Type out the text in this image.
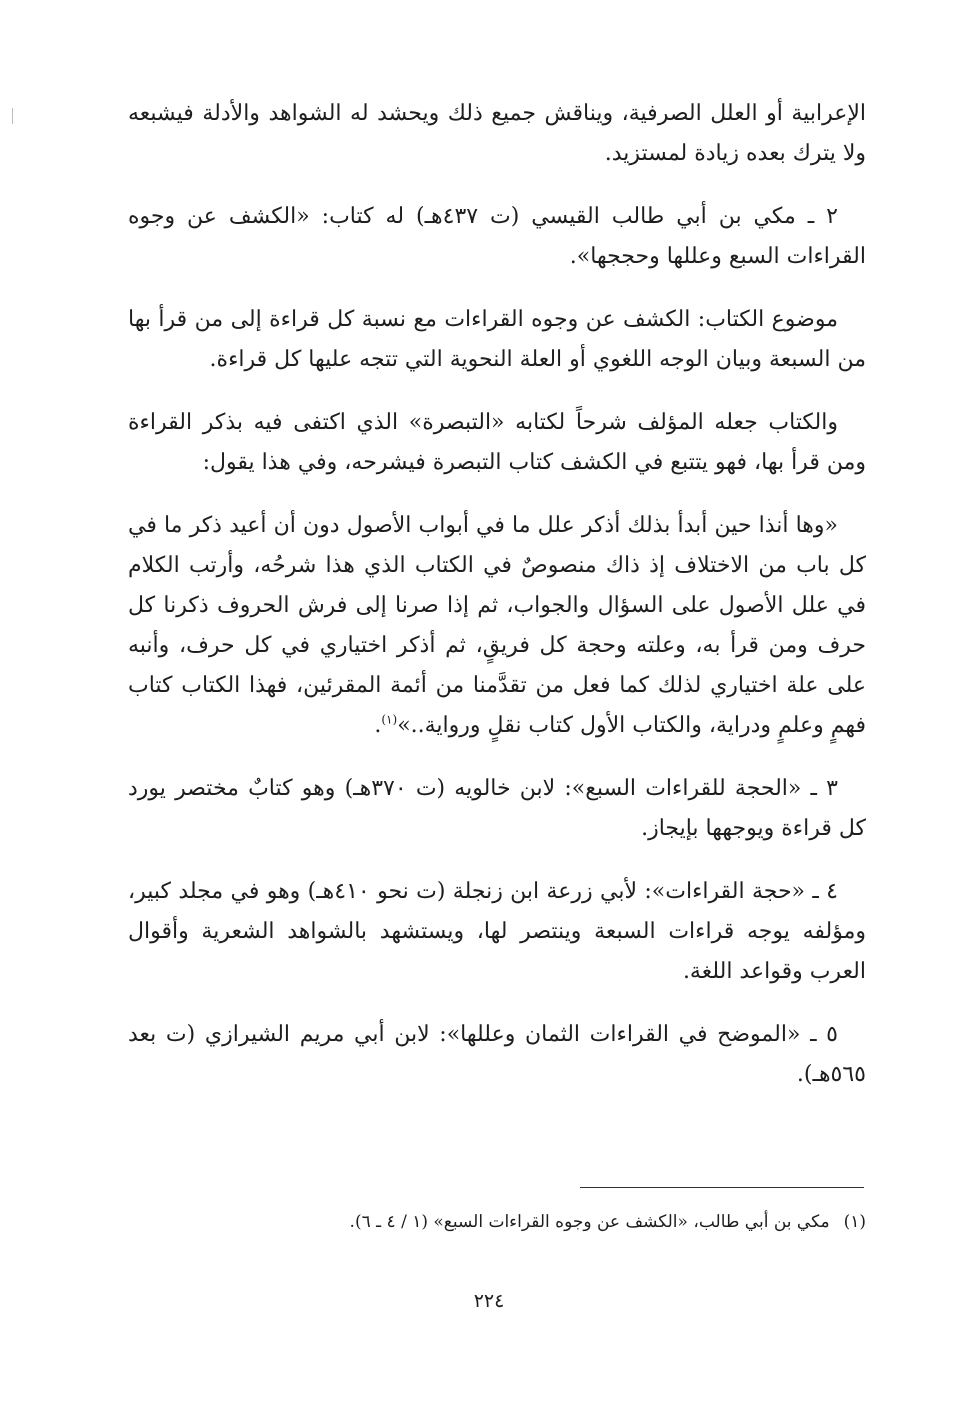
الإعرابية أو العلل الصرفية، ويناقش جميع ذلك ويحشد له الشواهد والأدلة فيشبعه ولا يترك بعده زيادة لمستزيد.

٢ ـ مكي بن أبي طالب القيسي (ت ٤٣٧هـ) له كتاب: «الكشف عن وجوه القراءات السبع وعللها وحججها».

موضوع الكتاب: الكشف عن وجوه القراءات مع نسبة كل قراءة إلى من قرأ بها من السبعة وبيان الوجه اللغوي أو العلة النحوية التي تتجه عليها كل قراءة.

والكتاب جعله المؤلف شرحاً لكتابه «التبصرة» الذي اكتفى فيه بذكر القراءة ومن قرأ بها، فهو يتتبع في الكشف كتاب التبصرة فيشرحه، وفي هذا يقول:

«وها أنذا حين أبدأ بذلك أذكر علل ما في أبواب الأصول دون أن أعيد ذكر ما في كل باب من الاختلاف إذ ذاك منصوصٌ في الكتاب الذي هذا شرحُه، وأرتب الكلام في علل الأصول على السؤال والجواب، ثم إذا صرنا إلى فرش الحروف ذكرنا كل حرف ومن قرأ به، وعلته وحجة كل فريقٍ، ثم أذكر اختياري في كل حرف، وأنبه على علة اختياري لذلك كما فعل من تقدَّمنا من أئمة المقرئين، فهذا الكتاب كتاب فهمٍ وعلمٍ ودراية، والكتاب الأول كتاب نقلٍ ورواية..»$^{(١)}$.

٣ ـ «الحجة للقراءات السبع»: لابن خالويه (ت ٣٧٠هـ) وهو كتابٌ مختصر يورد كل قراءة ويوجهها بإيجاز.

٤ ـ «حجة القراءات»: لأبي زرعة ابن زنجلة (ت نحو ٤١٠هـ) وهو في مجلد كبير، ومؤلفه يوجه قراءات السبعة وينتصر لها، ويستشهد بالشواهد الشعرية وأقوال العرب وقواعد اللغة.

٥ ـ «الموضح في القراءات الثمان وعللها»: لابن أبي مريم الشيرازي (ت بعد ٥٦٥هـ).

(١)مكي بن أبي طالب، «الكشف عن وجوه القراءات السبع» (١ / ٤ ـ ٦).
٢٢٤
